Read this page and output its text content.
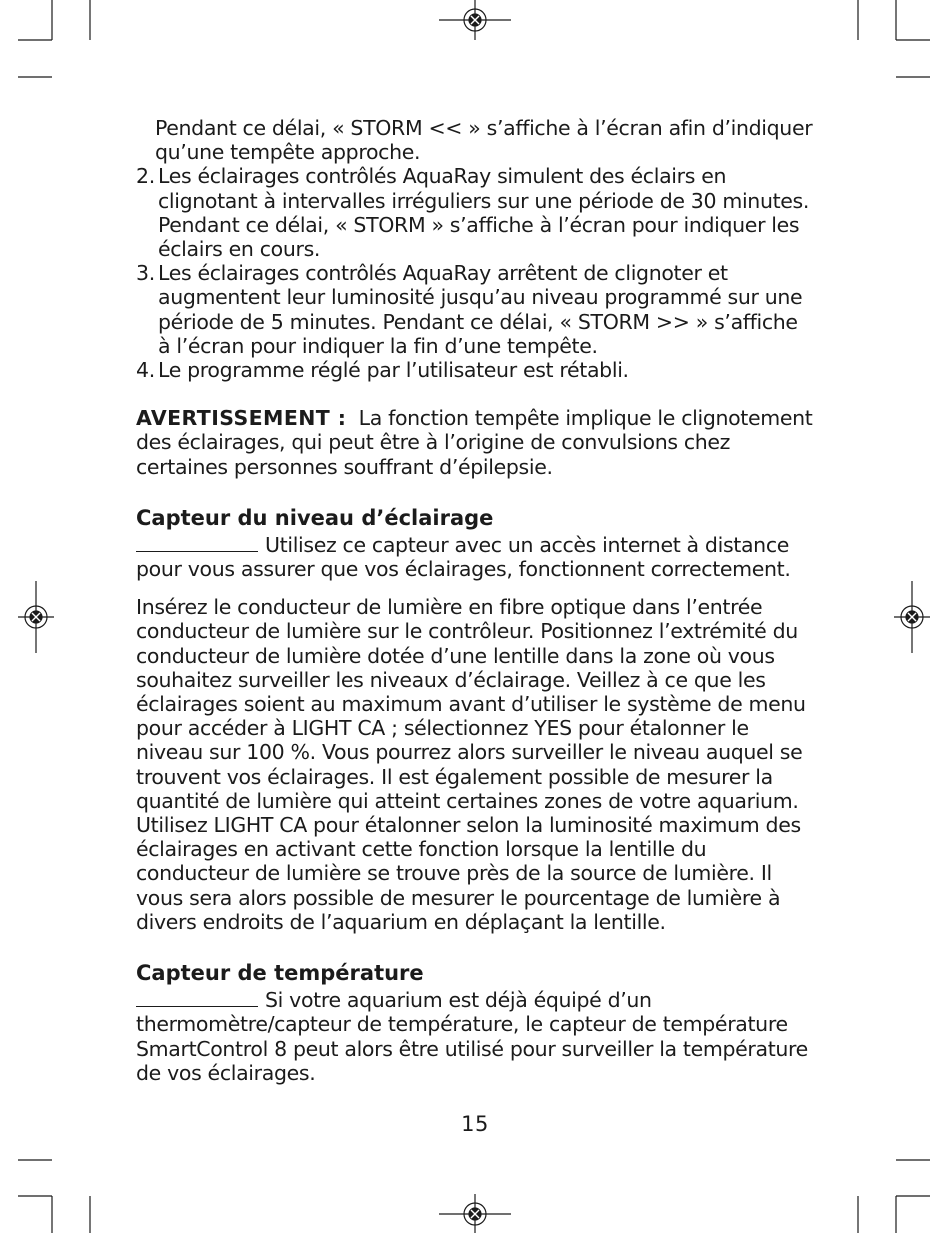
Pendant ce délai, « STORM << » s’affiche à l’écran afin d’indiquer qu’une tempête approche.

2. Les éclairages contrôlés AquaRay simulent des éclairs en clignotant à intervalles irréguliers sur une période de 30 minutes. Pendant ce délai, « STORM » s’affiche à l’écran pour indiquer les éclairs en cours.
3. Les éclairages contrôlés AquaRay arrêtent de clignoter et augmentent leur luminosité jusqu’au niveau programmé sur une période de 5 minutes. Pendant ce délai, « STORM >> » s’affiche à l’écran pour indiquer la fin d’une tempête.
4. Le programme réglé par l’utilisateur est rétabli.

AVERTISSEMENT : La fonction tempête implique le clignotement des éclairages, qui peut être à l’origine de convulsions chez certaines personnes souffrant d’épilepsie.

Capteur du niveau d’éclairage

Utilisez ce capteur avec un accès internet à distance pour vous assurer que vos éclairages, fonctionnent correctement.

Insérez le conducteur de lumière en fibre optique dans l’entrée conducteur de lumière sur le contrôleur. Positionnez l’extrémité du conducteur de lumière dotée d’une lentille dans la zone où vous souhaitez surveiller les niveaux d’éclairage. Veillez à ce que les éclairages soient au maximum avant d’utiliser le système de menu pour accéder à LIGHT CA ; sélectionnez YES pour étalonner le niveau sur 100 %. Vous pourrez alors surveiller le niveau auquel se trouvent vos éclairages. Il est également possible de mesurer la quantité de lumière qui atteint certaines zones de votre aquarium. Utilisez LIGHT CA pour étalonner selon la luminosité maximum des éclairages en activant cette fonction lorsque la lentille du conducteur de lumière se trouve près de la source de lumière. Il vous sera alors possible de mesurer le pourcentage de lumière à divers endroits de l’aquarium en déplaçant la lentille.

Capteur de température

Si votre aquarium est déjà équipé d’un thermomètre/capteur de température, le capteur de température SmartControl 8 peut alors être utilisé pour surveiller la température de vos éclairages.

15
